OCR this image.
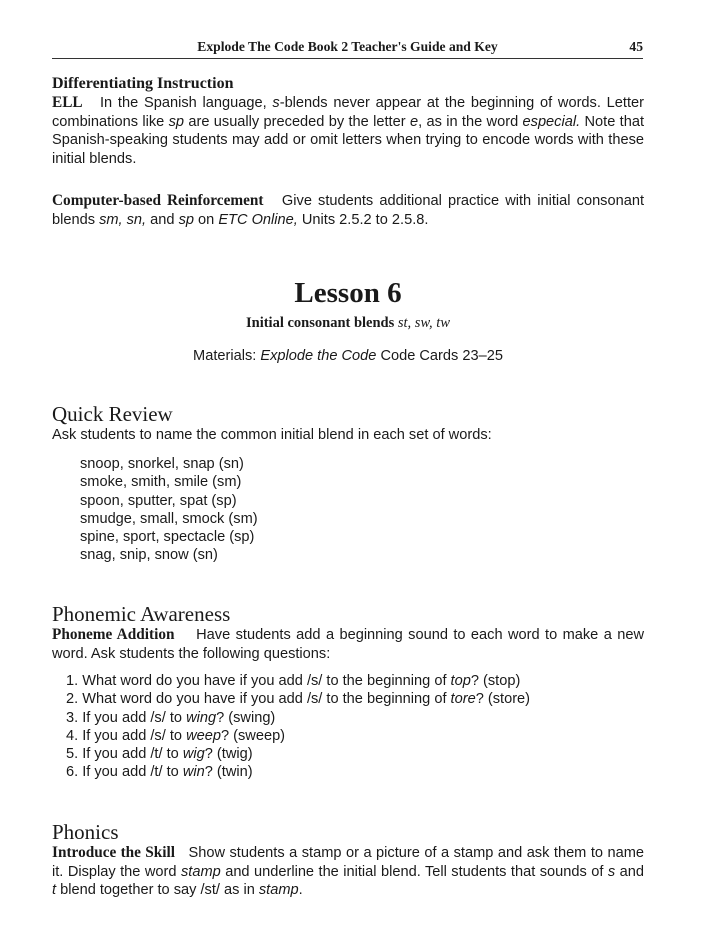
Explode The Code Book 2 Teacher's Guide and Key	45
Differentiating Instruction

ELL In the Spanish language, s-blends never appear at the beginning of words. Letter combinations like sp are usually preceded by the letter e, as in the word especial. Note that Spanish-speaking students may add or omit letters when trying to encode words with these initial blends.

Computer-based Reinforcement Give students additional practice with initial consonant blends sm, sn, and sp on ETC Online, Units 2.5.2 to 2.5.8.

Lesson 6
Initial consonant blends st, sw, tw
Materials: Explode the Code Code Cards 23–25
Quick Review

Ask students to name the common initial blend in each set of words:

snoop, snorkel, snap (sn)
smoke, smith, smile (sm)
spoon, sputter, spat (sp)
smudge, small, smock (sm)
spine, sport, spectacle (sp)
snag, snip, snow (sn)
Phonemic Awareness

Phoneme Addition Have students add a beginning sound to each word to make a new word. Ask students the following questions:

1. What word do you have if you add /s/ to the beginning of top? (stop)
2. What word do you have if you add /s/ to the beginning of tore? (store)
3. If you add /s/ to wing? (swing)
4. If you add /s/ to weep? (sweep)
5. If you add /t/ to wig? (twig)
6. If you add /t/ to win? (twin)
Phonics

Introduce the Skill Show students a stamp or a picture of a stamp and ask them to name it. Display the word stamp and underline the initial blend. Tell students that sounds of s and t blend together to say /st/ as in stamp.
